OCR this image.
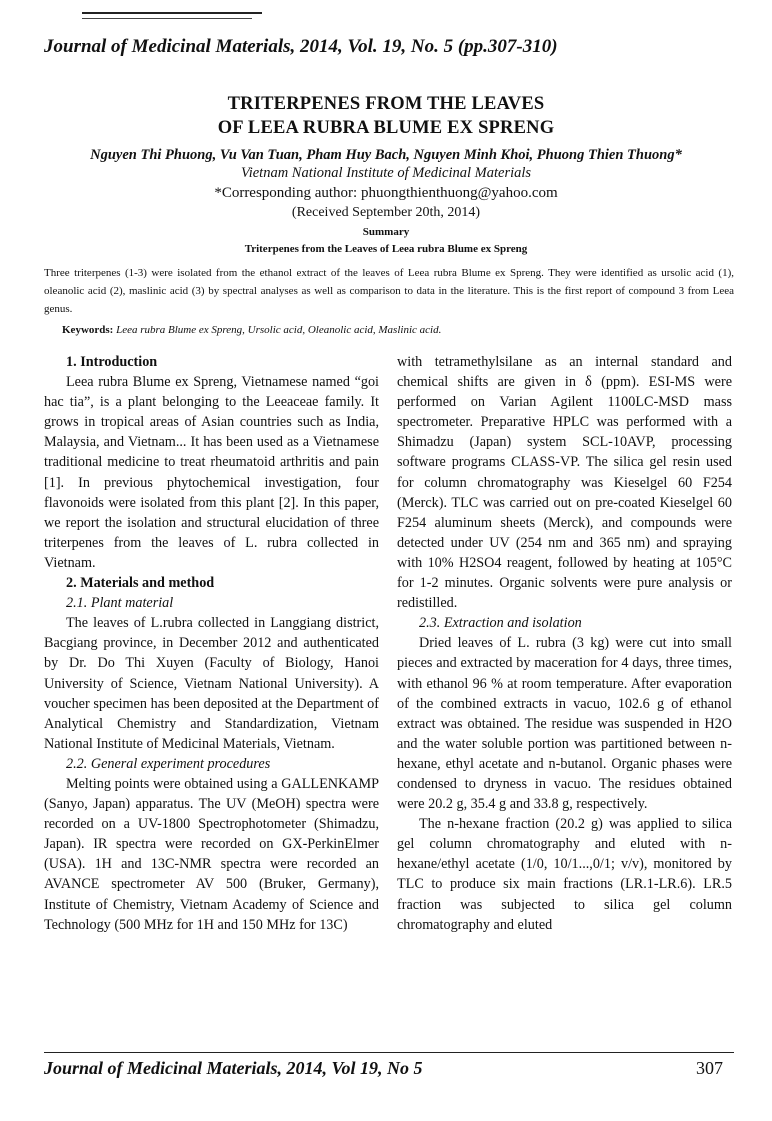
Journal of Medicinal Materials, 2014, Vol. 19, No. 5 (pp.307-310)
TRITERPENES FROM THE LEAVES
OF LEEA RUBRA BLUME EX SPRENG
Nguyen Thi Phuong, Vu Van Tuan, Pham Huy Bach, Nguyen Minh Khoi, Phuong Thien Thuong*
Vietnam National Institute of Medicinal Materials
*Corresponding author: phuongthienthuong@yahoo.com
(Received September 20th, 2014)
Summary
Triterpenes from the Leaves of Leea rubra Blume ex Spreng

Three triterpenes (1-3) were isolated from the ethanol extract of the leaves of Leea rubra Blume ex Spreng. They were identified as ursolic acid (1), oleanolic acid (2), maslinic acid (3) by spectral analyses as well as comparison to data in the literature. This is the first report of compound 3 from Leea genus.

Keywords: Leea rubra Blume ex Spreng, Ursolic acid, Oleanolic acid, Maslinic acid.

1. Introduction

Leea rubra Blume ex Spreng, Vietnamese named “goi hac tia”, is a plant belonging to the Leeaceae family. It grows in tropical areas of Asian countries such as India, Malaysia, and Vietnam... It has been used as a Vietnamese traditional medicine to treat rheumatoid arthritis and pain [1]. In previous phytochemical investigation, four flavonoids were isolated from this plant [2]. In this paper, we report the isolation and structural elucidation of three triterpenes from the leaves of L. rubra collected in Vietnam.

2. Materials and method

2.1. Plant material

The leaves of L.rubra collected in Langgiang district, Bacgiang province, in December 2012 and authenticated by Dr. Do Thi Xuyen (Faculty of Biology, Hanoi University of Science, Vietnam National University). A voucher specimen has been deposited at the Department of Analytical Chemistry and Standardization, Vietnam National Institute of Medicinal Materials, Vietnam.

2.2. General experiment procedures

Melting points were obtained using a GALLENKAMP (Sanyo, Japan) apparatus. The UV (MeOH) spectra were recorded on a UV-1800 Spectrophotometer (Shimadzu, Japan). IR spectra were recorded on GX-PerkinElmer (USA). 1H and 13C-NMR spectra were recorded an AVANCE spectrometer AV 500 (Bruker, Germany), Institute of Chemistry, Vietnam Academy of Science and Technology (500 MHz for 1H and 150 MHz for 13C)

with tetramethylsilane as an internal standard and chemical shifts are given in δ (ppm). ESI-MS were performed on Varian Agilent 1100LC-MSD mass spectrometer. Preparative HPLC was performed with a Shimadzu (Japan) system SCL-10AVP, processing software programs CLASS-VP. The silica gel resin used for column chromatography was Kieselgel 60 F254 (Merck). TLC was carried out on pre-coated Kieselgel 60 F254 aluminum sheets (Merck), and compounds were detected under UV (254 nm and 365 nm) and spraying with 10% H2SO4 reagent, followed by heating at 105°C for 1-2 minutes. Organic solvents were pure analysis or redistilled.

2.3. Extraction and isolation

Dried leaves of L. rubra (3 kg) were cut into small pieces and extracted by maceration for 4 days, three times, with ethanol 96 % at room temperature. After evaporation of the combined extracts in vacuo, 102.6 g of ethanol extract was obtained. The residue was suspended in H2O and the water soluble portion was partitioned between n-hexane, ethyl acetate and n-butanol. Organic phases were condensed to dryness in vacuo. The residues obtained were 20.2 g, 35.4 g and 33.8 g, respectively.

The n-hexane fraction (20.2 g) was applied to silica gel column chromatography and eluted with n-hexane/ethyl acetate (1/0, 10/1...,0/1; v/v), monitored by TLC to produce six main fractions (LR.1-LR.6). LR.5 fraction was subjected to silica gel column chromatography and eluted

Journal of Medicinal Materials, 2014, Vol 19, No 5	307
